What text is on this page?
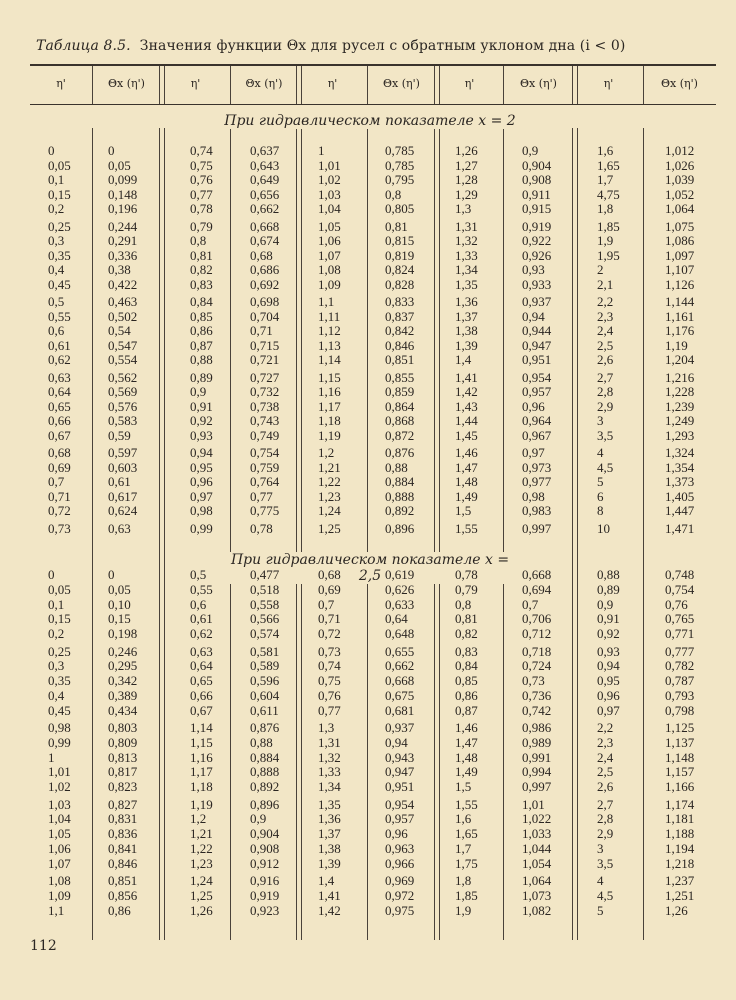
Таблица 8.5. Значения функции Θx для русел с обратным уклоном дна (i < 0)
η'	Θx (η')	η'	Θx (η')	η'	Θx (η')	η'	Θx (η')	η'	Θx (η')
При гидравлическом показателе x = 2
0	0	0,74	0,637	1	0,785	1,26	0,9	1,6	1,012
0,05	0,05	0,75	0,643	1,01	0,785	1,27	0,904	1,65	1,026
0,1	0,099	0,76	0,649	1,02	0,795	1,28	0,908	1,7	1,039
0,15	0,148	0,77	0,656	1,03	0,8	1,29	0,911	4,75	1,052
0,2	0,196	0,78	0,662	1,04	0,805	1,3	0,915	1,8	1,064
0,25	0,244	0,79	0,668	1,05	0,81	1,31	0,919	1,85	1,075
0,3	0,291	0,8	0,674	1,06	0,815	1,32	0,922	1,9	1,086
0,35	0,336	0,81	0,68	1,07	0,819	1,33	0,926	1,95	1,097
0,4	0,38	0,82	0,686	1,08	0,824	1,34	0,93	2	1,107
0,45	0,422	0,83	0,692	1,09	0,828	1,35	0,933	2,1	1,126
0,5	0,463	0,84	0,698	1,1	0,833	1,36	0,937	2,2	1,144
0,55	0,502	0,85	0,704	1,11	0,837	1,37	0,94	2,3	1,161
0,6	0,54	0,86	0,71	1,12	0,842	1,38	0,944	2,4	1,176
0,61	0,547	0,87	0,715	1,13	0,846	1,39	0,947	2,5	1,19
0,62	0,554	0,88	0,721	1,14	0,851	1,4	0,951	2,6	1,204
0,63	0,562	0,89	0,727	1,15	0,855	1,41	0,954	2,7	1,216
0,64	0,569	0,9	0,732	1,16	0,859	1,42	0,957	2,8	1,228
0,65	0,576	0,91	0,738	1,17	0,864	1,43	0,96	2,9	1,239
0,66	0,583	0,92	0,743	1,18	0,868	1,44	0,964	3	1,249
0,67	0,59	0,93	0,749	1,19	0,872	1,45	0,967	3,5	1,293
0,68	0,597	0,94	0,754	1,2	0,876	1,46	0,97	4	1,324
0,69	0,603	0,95	0,759	1,21	0,88	1,47	0,973	4,5	1,354
0,7	0,61	0,96	0,764	1,22	0,884	1,48	0,977	5	1,373
0,71	0,617	0,97	0,77	1,23	0,888	1,49	0,98	6	1,405
0,72	0,624	0,98	0,775	1,24	0,892	1,5	0,983	8	1,447
0,73	0,63	0,99	0,78	1,25	0,896	1,55	0,997	10	1,471
При гидравлическом показателе x = 2,5
0	0	0,5	0,477	0,68	0,619	0,78	0,668	0,88	0,748
0,05	0,05	0,55	0,518	0,69	0,626	0,79	0,694	0,89	0,754
0,1	0,10	0,6	0,558	0,7	0,633	0,8	0,7	0,9	0,76
0,15	0,15	0,61	0,566	0,71	0,64	0,81	0,706	0,91	0,765
0,2	0,198	0,62	0,574	0,72	0,648	0,82	0,712	0,92	0,771
0,25	0,246	0,63	0,581	0,73	0,655	0,83	0,718	0,93	0,777
0,3	0,295	0,64	0,589	0,74	0,662	0,84	0,724	0,94	0,782
0,35	0,342	0,65	0,596	0,75	0,668	0,85	0,73	0,95	0,787
0,4	0,389	0,66	0,604	0,76	0,675	0,86	0,736	0,96	0,793
0,45	0,434	0,67	0,611	0,77	0,681	0,87	0,742	0,97	0,798
0,98	0,803	1,14	0,876	1,3	0,937	1,46	0,986	2,2	1,125
0,99	0,809	1,15	0,88	1,31	0,94	1,47	0,989	2,3	1,137
1	0,813	1,16	0,884	1,32	0,943	1,48	0,991	2,4	1,148
1,01	0,817	1,17	0,888	1,33	0,947	1,49	0,994	2,5	1,157
1,02	0,823	1,18	0,892	1,34	0,951	1,5	0,997	2,6	1,166
1,03	0,827	1,19	0,896	1,35	0,954	1,55	1,01	2,7	1,174
1,04	0,831	1,2	0,9	1,36	0,957	1,6	1,022	2,8	1,181
1,05	0,836	1,21	0,904	1,37	0,96	1,65	1,033	2,9	1,188
1,06	0,841	1,22	0,908	1,38	0,963	1,7	1,044	3	1,194
1,07	0,846	1,23	0,912	1,39	0,966	1,75	1,054	3,5	1,218
1,08	0,851	1,24	0,916	1,4	0,969	1,8	1,064	4	1,237
1,09	0,856	1,25	0,919	1,41	0,972	1,85	1,073	4,5	1,251
1,1	0,86	1,26	0,923	1,42	0,975	1,9	1,082	5	1,26
112
